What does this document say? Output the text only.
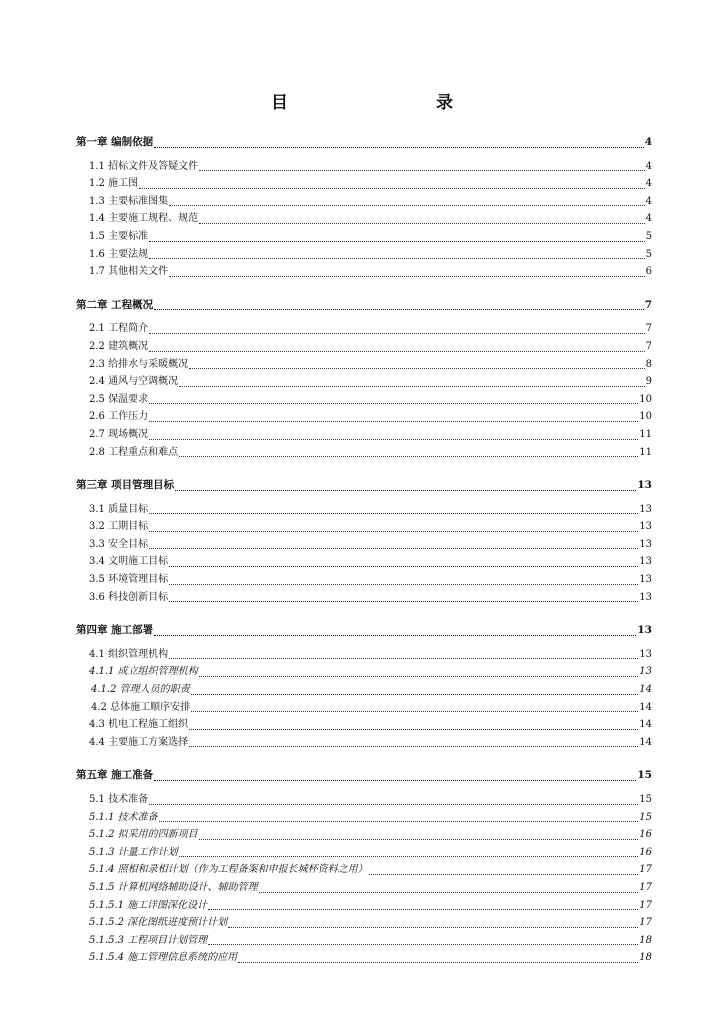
目　　录
第一章 编制依据	4
1.1 招标文件及答疑文件	4
1.2 施工图	4
1.3 主要标准图集	4
1.4 主要施工规程、规范	4
1.5 主要标准	5
1.6 主要法规	5
1.7 其他相关文件	6
第二章 工程概况	7
2.1 工程简介	7
2.2 建筑概况	7
2.3 给排水与采暖概况	8
2.4 通风与空调概况	9
2.5 保温要求	10
2.6 工作压力	10
2.7 现场概况	11
2.8 工程重点和难点	11
第三章 项目管理目标	13
3.1 质量目标	13
3.2 工期目标	13
3.3 安全目标	13
3.4 文明施工目标	13
3.5 环境管理目标	13
3.6 科技创新目标	13
第四章 施工部署	13
4.1 组织管理机构	13
4.1.1 成立组织管理机构	13
4.1.2 管理人员的职责	14
4.2 总体施工顺序安排	14
4.3 机电工程施工组织	14
4.4 主要施工方案选择	14
第五章 施工准备	15
5.1 技术准备	15
5.1.1 技术准备	15
5.1.2 拟采用的四新项目	16
5.1.3 计量工作计划	16
5.1.4 照相和录相计划（作为工程备案和申报长城杯资料之用）	17
5.1.5 计算机网络辅助设计、辅助管理	17
5.1.5.1 施工详图深化设计	17
5.1.5.2 深化图纸进度预计计划	17
5.1.5.3 工程项目计划管理	18
5.1.5.4 施工管理信息系统的应用	18
